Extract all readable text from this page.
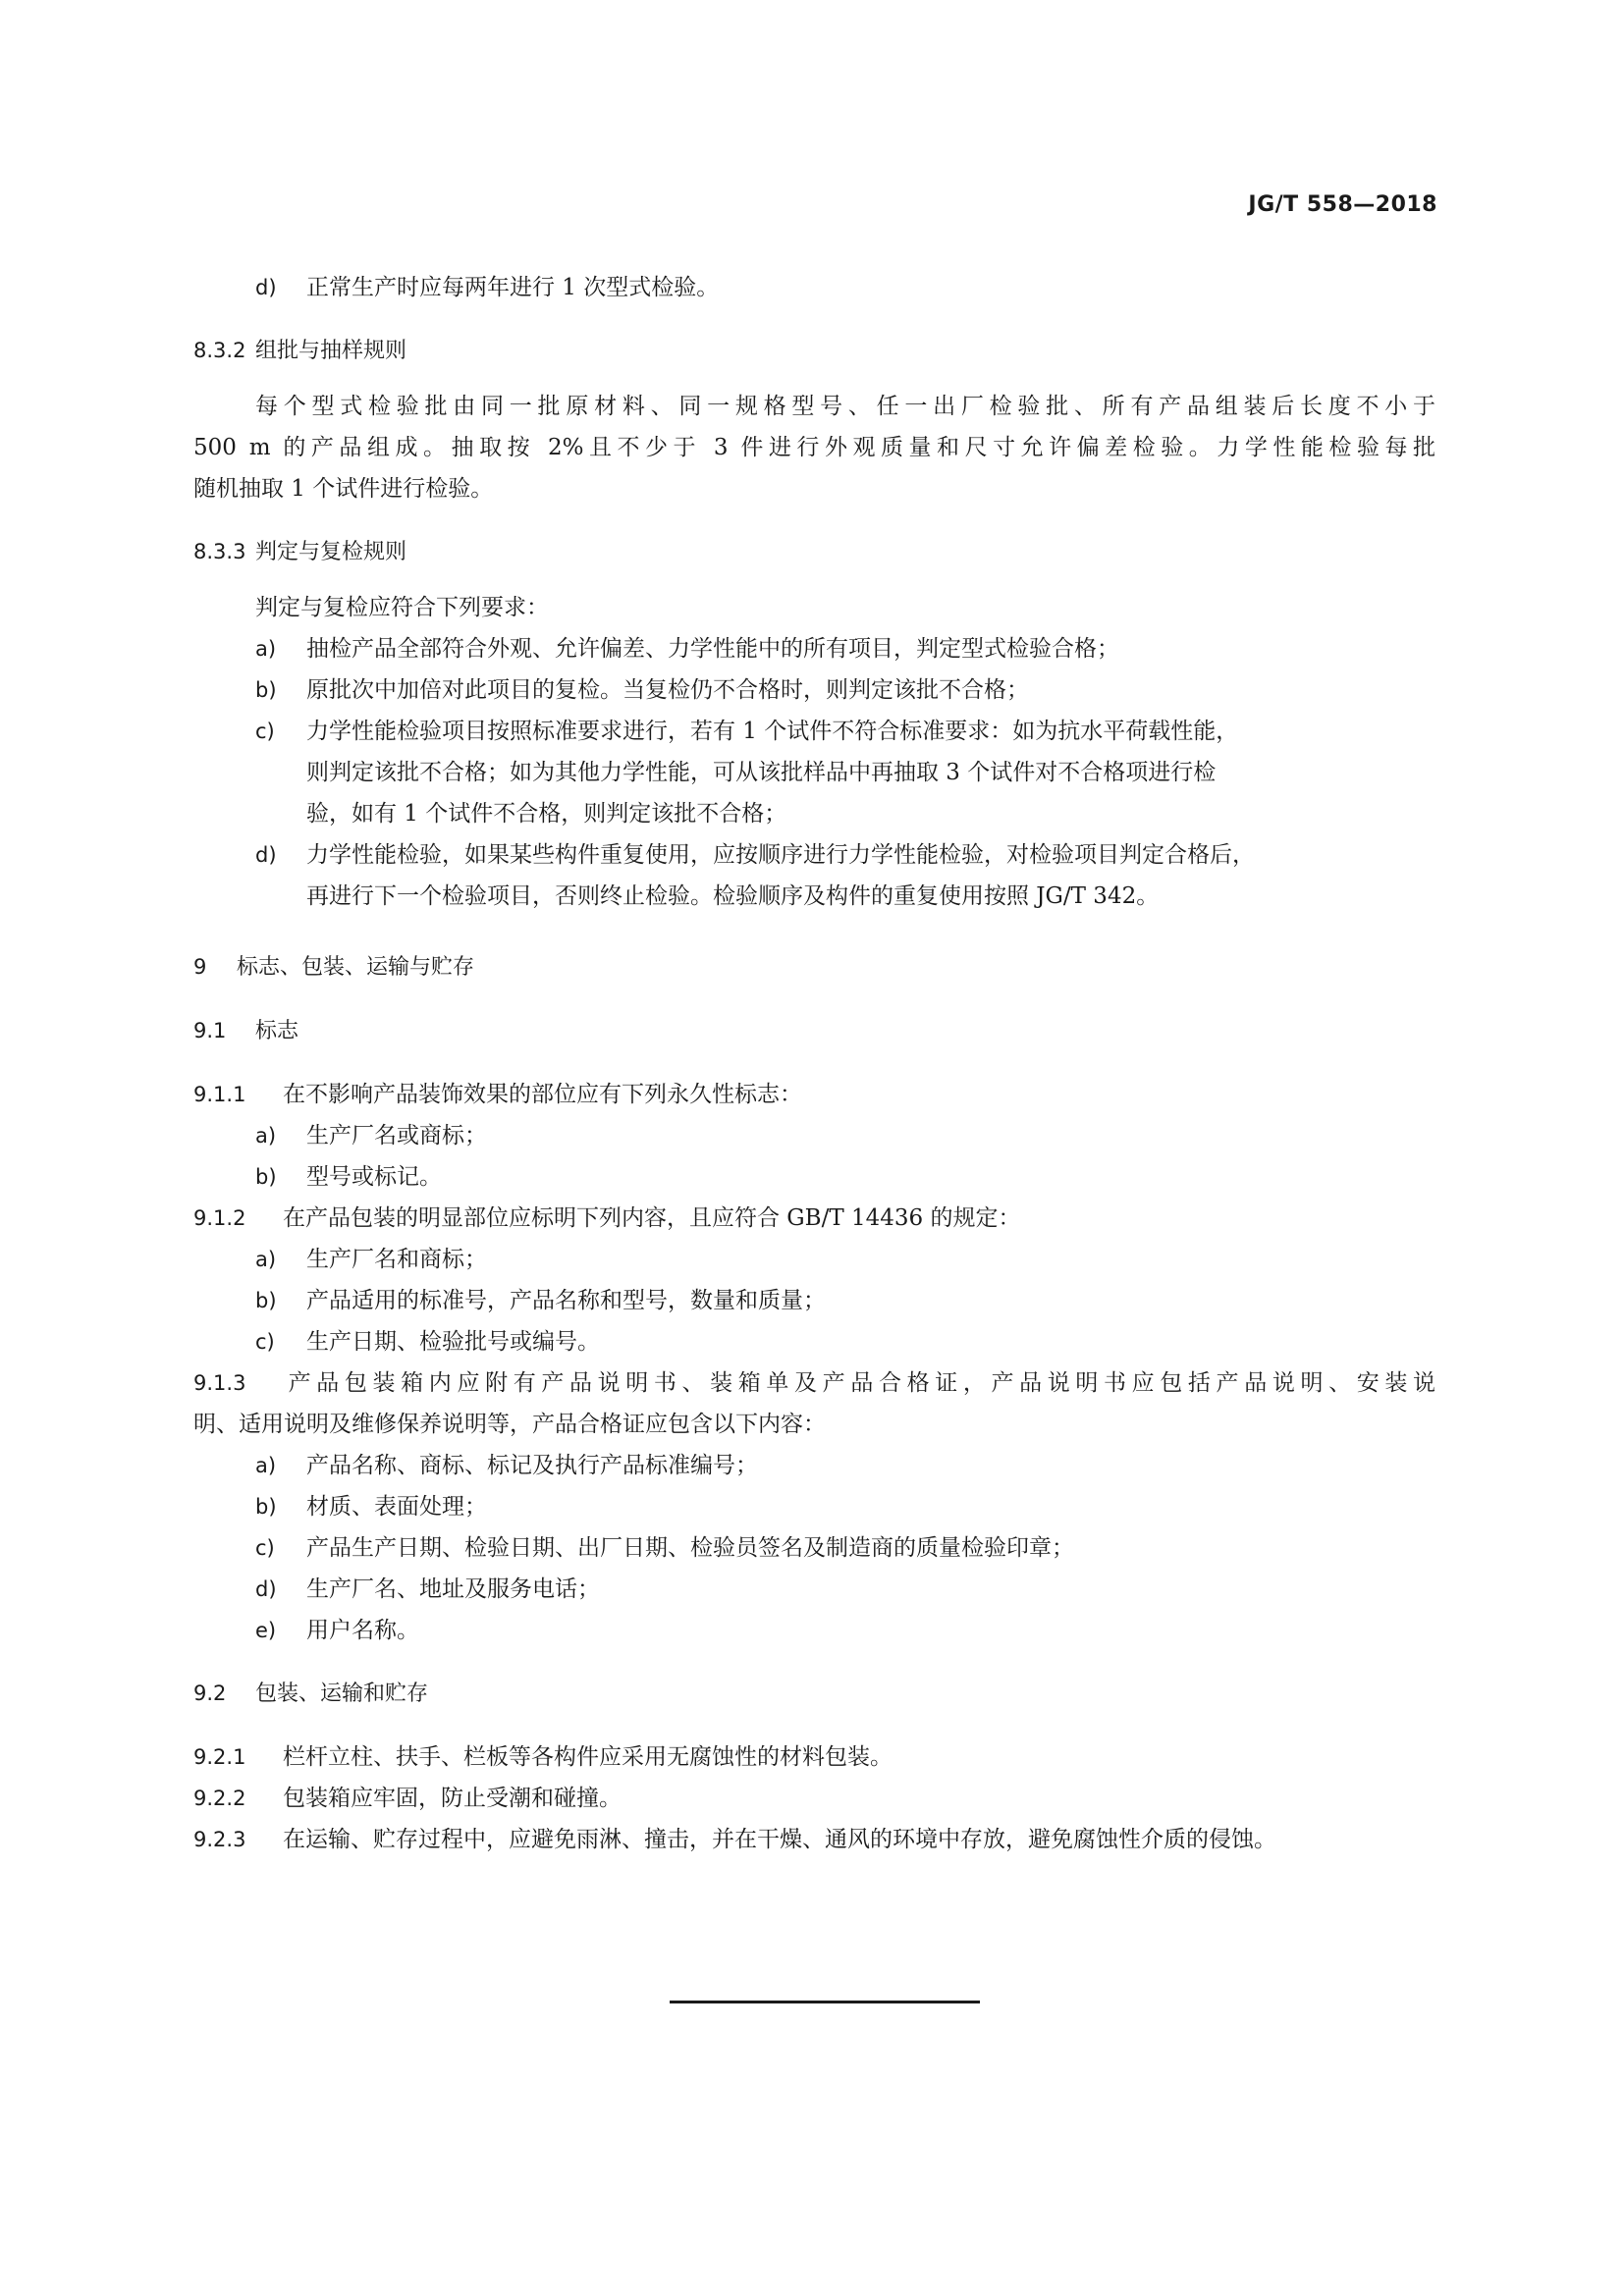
JG/T 558—2018
d) 正常生产时应每两年进行 1 次型式检验。
8.3.2 组批与抽样规则
每个型式检验批由同一批原材料、同一规格型号、任一出厂检验批、所有产品组装后长度不小于
500 m 的产品组成。抽取按 2%且不少于 3 件进行外观质量和尺寸允许偏差检验。力学性能检验每批
随机抽取 1 个试件进行检验。
8.3.3 判定与复检规则
判定与复检应符合下列要求：
a) 抽检产品全部符合外观、允许偏差、力学性能中的所有项目，判定型式检验合格；
b) 原批次中加倍对此项目的复检。当复检仍不合格时，则判定该批不合格；
c) 力学性能检验项目按照标准要求进行，若有 1 个试件不符合标准要求：如为抗水平荷载性能，
则判定该批不合格；如为其他力学性能，可从该批样品中再抽取 3 个试件对不合格项进行检
验，如有 1 个试件不合格，则判定该批不合格；
d) 力学性能检验，如果某些构件重复使用，应按顺序进行力学性能检验，对检验项目判定合格后，
再进行下一个检验项目，否则终止检验。检验顺序及构件的重复使用按照 JG/T 342。
9 标志、包装、运输与贮存
9.1 标志
9.1.1 在不影响产品装饰效果的部位应有下列永久性标志：
a) 生产厂名或商标；
b) 型号或标记。
9.1.2 在产品包装的明显部位应标明下列内容，且应符合 GB/T 14436 的规定：
a) 生产厂名和商标；
b) 产品适用的标准号，产品名称和型号，数量和质量；
c) 生产日期、检验批号或编号。
9.1.3 产品包装箱内应附有产品说明书、装箱单及产品合格证，产品说明书应包括产品说明、安装说
明、适用说明及维修保养说明等，产品合格证应包含以下内容：
a) 产品名称、商标、标记及执行产品标准编号；
b) 材质、表面处理；
c) 产品生产日期、检验日期、出厂日期、检验员签名及制造商的质量检验印章；
d) 生产厂名、地址及服务电话；
e) 用户名称。
9.2 包装、运输和贮存
9.2.1 栏杆立柱、扶手、栏板等各构件应采用无腐蚀性的材料包装。
9.2.2 包装箱应牢固，防止受潮和碰撞。
9.2.3 在运输、贮存过程中，应避免雨淋、撞击，并在干燥、通风的环境中存放，避免腐蚀性介质的侵蚀。
